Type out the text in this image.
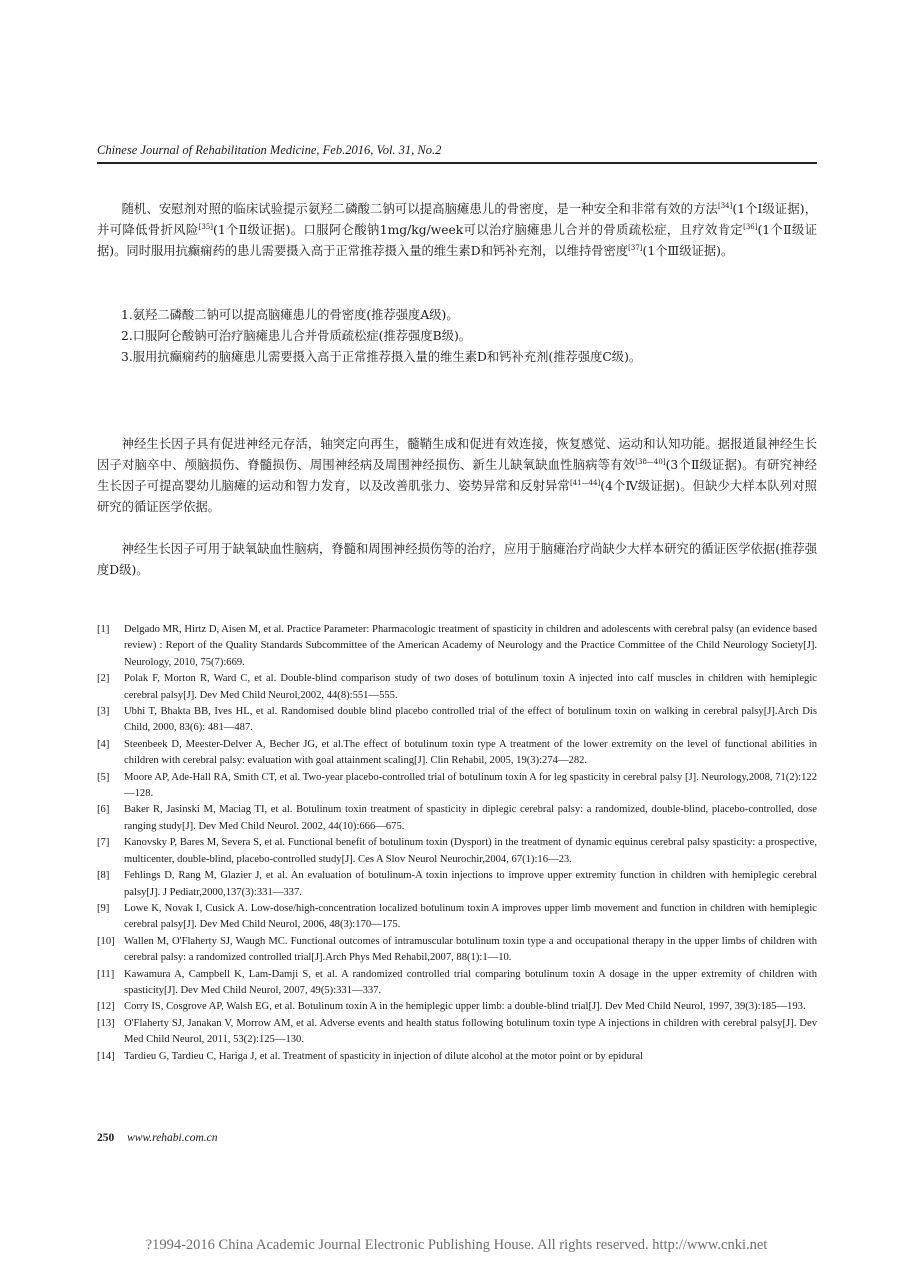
Chinese Journal of Rehabilitation Medicine, Feb.2016, Vol. 31, No.2
随机、安慰剂对照的临床试验提示氨羟二磷酸二钠可以提高脑瘫患儿的骨密度，是一种安全和非常有效的方法[34](1个Ⅰ级证据)，并可降低骨折风险[35](1个Ⅱ级证据)。口服阿仑酸钠1mg/kg/week可以治疗脑瘫患儿合并的骨质疏松症，且疗效肯定[36](1个Ⅱ级证据)。同时服用抗癫痫药的患儿需要摄入高于正常推荐摄入量的维生素D和钙补充剂，以维持骨密度[37](1个Ⅲ级证据)。
1.氨羟二磷酸二钠可以提高脑瘫患儿的骨密度(推荐强度A级)。
2.口服阿仑酸钠可治疗脑瘫患儿合并骨质疏松症(推荐强度B级)。
3.服用抗癫痫药的脑瘫患儿需要摄入高于正常推荐摄入量的维生素D和钙补充剂(推荐强度C级)。
神经生长因子具有促进神经元存活，轴突定向再生，髓鞘生成和促进有效连接，恢复感觉、运动和认知功能。据报道鼠神经生长因子对脑卒中、颅脑损伤、脊髓损伤、周围神经病及周围神经损伤、新生儿缺氧缺血性脑病等有效[38—40](3个Ⅱ级证据)。有研究神经生长因子可提高婴幼儿脑瘫的运动和智力发育，以及改善肌张力、姿势异常和反射异常[41—44](4个Ⅳ级证据)。但缺少大样本队列对照研究的循证医学依据。
神经生长因子可用于缺氧缺血性脑病，脊髓和周围神经损伤等的治疗，应用于脑瘫治疗尚缺少大样本研究的循证医学依据(推荐强度D级)。
[1]	Delgado MR, Hirtz D, Aisen M, et al. Practice Parameter: Pharmacologic treatment of spasticity in children and adolescents with cerebral palsy (an evidence based review) : Report of the Quality Standards Subcommittee of the American Academy of Neurology and the Practice Committee of the Child Neurology Society[J]. Neurology, 2010, 75(7):669.
[2]	Polak F, Morton R, Ward C, et al. Double-blind comparison study of two doses of botulinum toxin A injected into calf muscles in children with hemiplegic cerebral palsy[J]. Dev Med Child Neurol,2002, 44(8):551—555.
[3]	Ubhi T, Bhakta BB, Ives HL, et al. Randomised double blind placebo controlled trial of the effect of botulinum toxin on walking in cerebral palsy[J].Arch Dis Child, 2000, 83(6): 481—487.
[4]	Steenbeek D, Meester-Delver A, Becher JG, et al.The effect of botulinum toxin type A treatment of the lower extremity on the level of functional abilities in children with cerebral palsy: evaluation with goal attainment scaling[J]. Clin Rehabil, 2005, 19(3):274—282.
[5]	Moore AP, Ade-Hall RA, Smith CT, et al. Two-year placebo-controlled trial of botulinum toxin A for leg spasticity in cerebral palsy [J]. Neurology,2008, 71(2):122—128.
[6]	Baker R, Jasinski M, Maciag TI, et al. Botulinum toxin treatment of spasticity in diplegic cerebral palsy: a randomized, double-blind, placebo-controlled, dose ranging study[J]. Dev Med Child Neurol. 2002, 44(10):666—675.
[7]	Kanovsky P, Bares M, Severa S, et al. Functional benefit of botulinum toxin (Dysport) in the treatment of dynamic equinus cerebral palsy spasticity: a prospective, multicenter, double-blind, placebo-controlled study[J]. Ces A Slov Neurol Neurochir,2004, 67(1):16—23.
[8]	Fehlings D, Rang M, Glazier J, et al. An evaluation of botulinum-A toxin injections to improve upper extremity function in children with hemiplegic cerebral palsy[J]. J Pediatr,2000,137(3):331—337.
[9]	Lowe K, Novak I, Cusick A. Low-dose/high-concentration localized botulinum toxin A improves upper limb movement and function in children with hemiplegic cerebral palsy[J]. Dev Med Child Neurol, 2006, 48(3):170—175.
[10] Wallen M, O'Flaherty SJ, Waugh MC. Functional outcomes of intramuscular botulinum toxin type a and occupational therapy in the upper limbs of children with cerebral palsy: a randomized controlled trial[J].Arch Phys Med Rehabil,2007, 88(1):1—10.
[11] Kawamura A, Campbell K, Lam-Damji S, et al. A randomized controlled trial comparing botulinum toxin A dosage in the upper extremity of children with spasticity[J]. Dev Med Child Neurol, 2007, 49(5):331—337.
[12] Corry IS, Cosgrove AP, Walsh EG, et al. Botulinum toxin A in the hemiplegic upper limb: a double-blind trial[J]. Dev Med Child Neurol, 1997, 39(3):185—193.
[13] O'Flaherty SJ, Janakan V, Morrow AM, et al. Adverse events and health status following botulinum toxin type A injections in children with cerebral palsy[J]. Dev Med Child Neurol, 2011, 53(2):125—130.
[14] Tardieu G, Tardieu C, Hariga J, et al. Treatment of spasticity in injection of dilute alcohol at the motor point or by epidural
250 www.rehabi.com.cn
?1994-2016 China Academic Journal Electronic Publishing House. All rights reserved. http://www.cnki.net
